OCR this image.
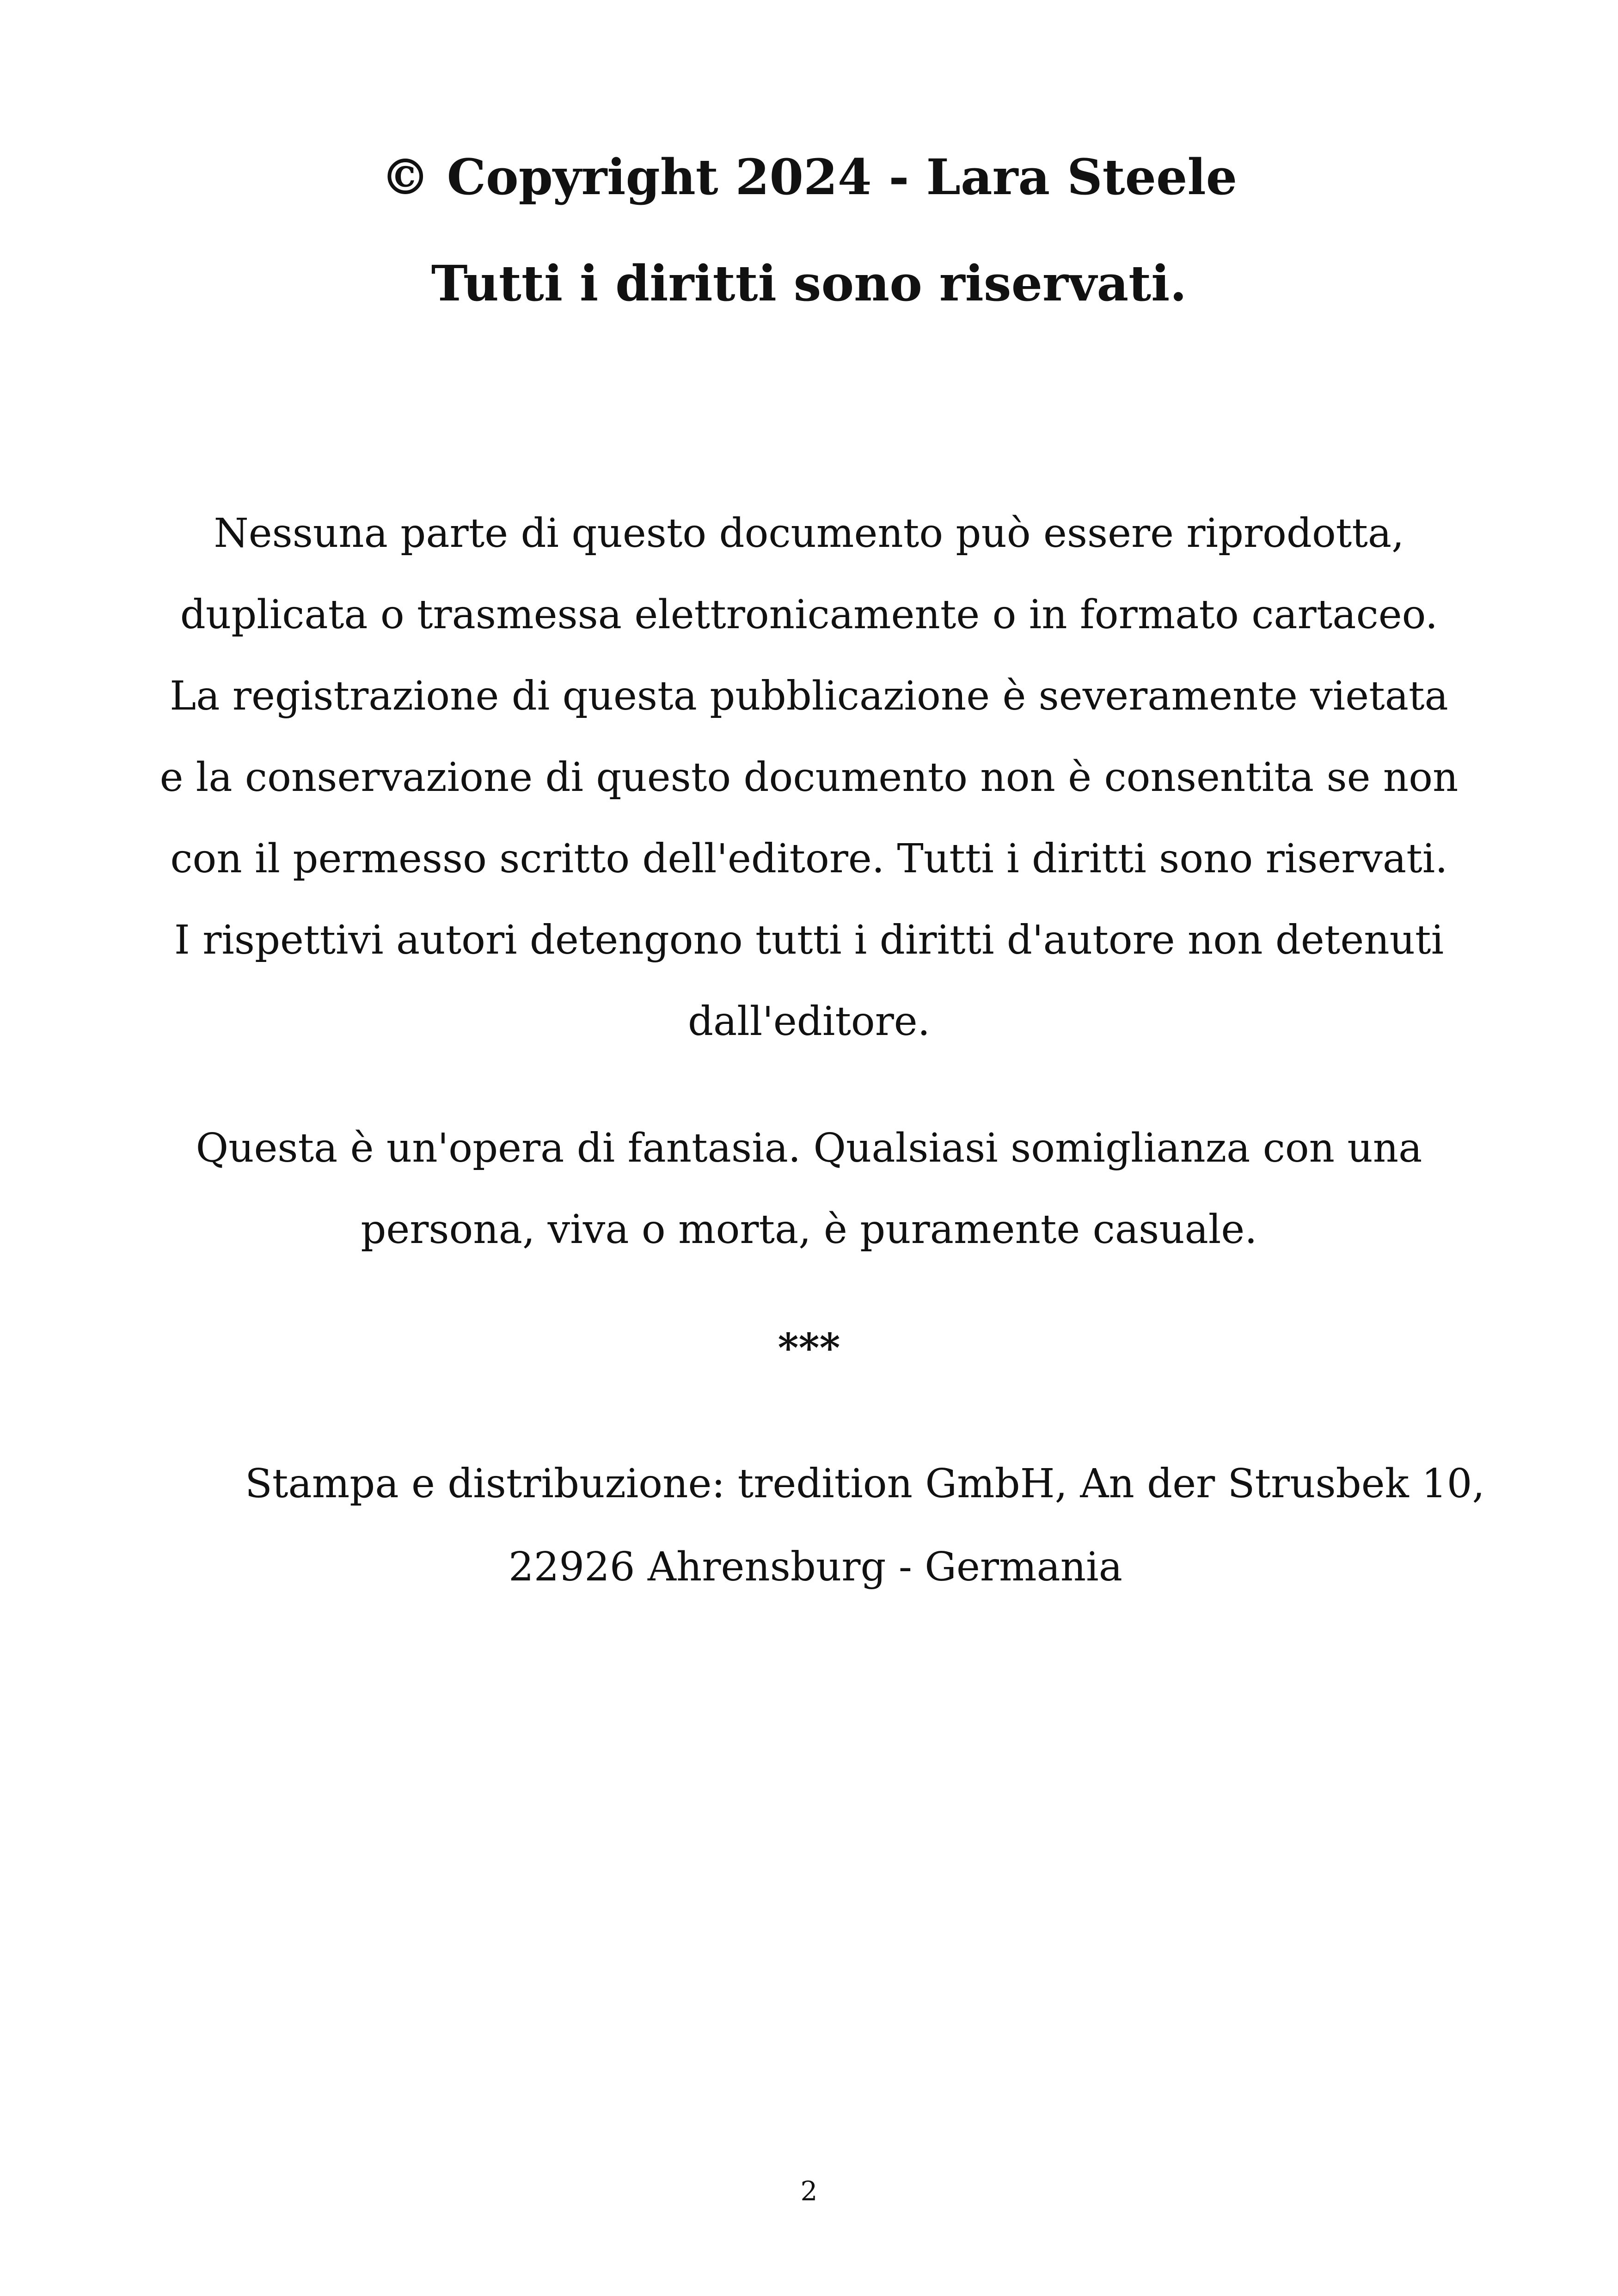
© Copyright 2024 - Lara Steele
Tutti i diritti sono riservati.

Nessuna parte di questo documento può essere riprodotta, duplicata o trasmessa elettronicamente o in formato cartaceo. La registrazione di questa pubblicazione è severamente vietata e la conservazione di questo documento non è consentita se non con il permesso scritto dell'editore. Tutti i diritti sono riservati. I rispettivi autori detengono tutti i diritti d'autore non detenuti dall'editore.

Questa è un'opera di fantasia. Qualsiasi somiglianza con una persona, viva o morta, è puramente casuale.

***

Stampa e distribuzione: tredition GmbH, An der Strusbek 10,

22926 Ahrensburg - Germania

2
